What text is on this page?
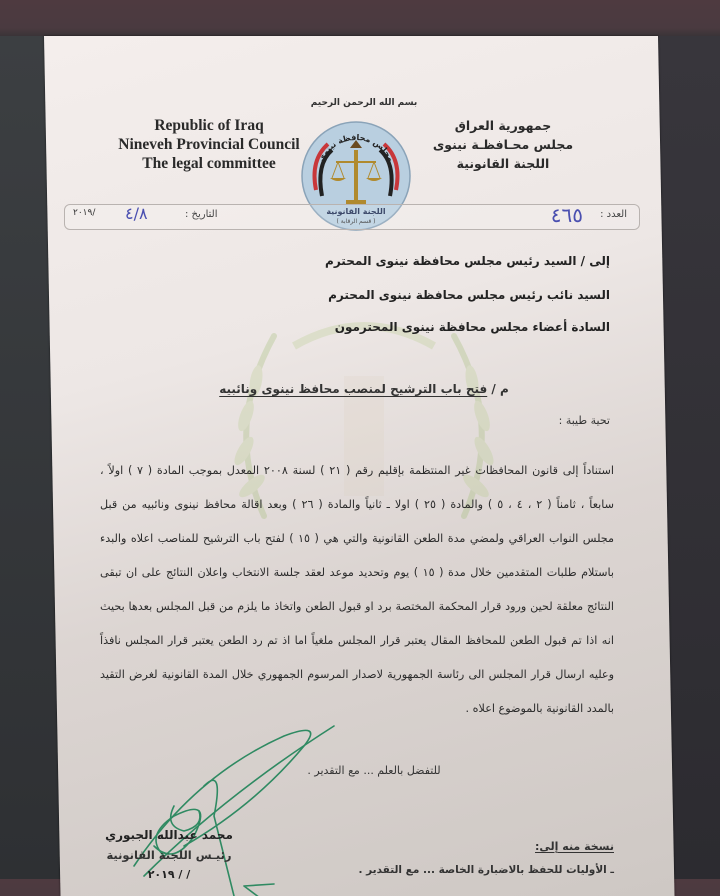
Republic of Iraq
Nineveh Provincial Council
The legal committee
بسم الله الرحمن الرحيم
مجلس محافظة نينوى
اللجنة القانونية
( قسم الرقابة )
جمهورية العراق
مجلس محـافظـة نينوى
اللجنة القانونية
العدد :
٤٦٥
التاريخ :
٤/٨
٢٠١٩/
إلى / السيد رئيس مجلس محافظة نينوى المحترم
السيد نائب رئيس مجلس محافظة نينوى المحترم
السادة أعضاء مجلس محافظة نينوى المحترمون
م / فتح باب الترشيح لمنصب محافظ نينوى ونائبيه
تحية طيبة :
استناداً إلى قانون المحافظات غير المنتظمة بإقليم رقم ( ٢١ ) لسنة ٢٠٠٨ المعدل بموجب المادة ( ٧ ) اولاً ،
سابعاً ، ثامناً ( ٢ ، ٤ ، ٥ ) والمادة ( ٢٥ ) اولا ـ ثانياً والمادة ( ٢٦ ) وبعد اقالة محافظ نينوى ونائبيه من قبل
مجلس النواب العراقي ولمضي مدة الطعن القانونية والتي هي ( ١٥ ) لفتح باب الترشيح للمناصب اعلاه والبدء
باستلام طلبات المتقدمين خلال مدة ( ١٥ ) يوم وتحديد موعد لعقد جلسة الانتخاب واعلان النتائج على ان تبقى
النتائج معلقة لحين ورود قرار المحكمة المختصة برد او قبول الطعن واتخاذ ما يلزم من قبل المجلس بعدها بحيث
انه اذا تم قبول الطعن للمحافظ المقال يعتبر قرار المجلس ملغياً اما اذ تم رد الطعن يعتبر قرار المجلس نافذاً
وعليه ارسال قرار المجلس الى رئاسة الجمهورية لاصدار المرسوم الجمهوري خلال المدة القانونية لغرض التقيد
بالمدد القانونية بالموضوع اعلاه .
للتفضل بالعلم ... مع التقدير .
محمد عبدالله الجبوري
رئيـس اللجنة القانونية
٢٠١٩ / /
نسخة منه إلى:
ـ الأوليات للحفظ بالاضبارة الخاصة ... مع التقدير .
